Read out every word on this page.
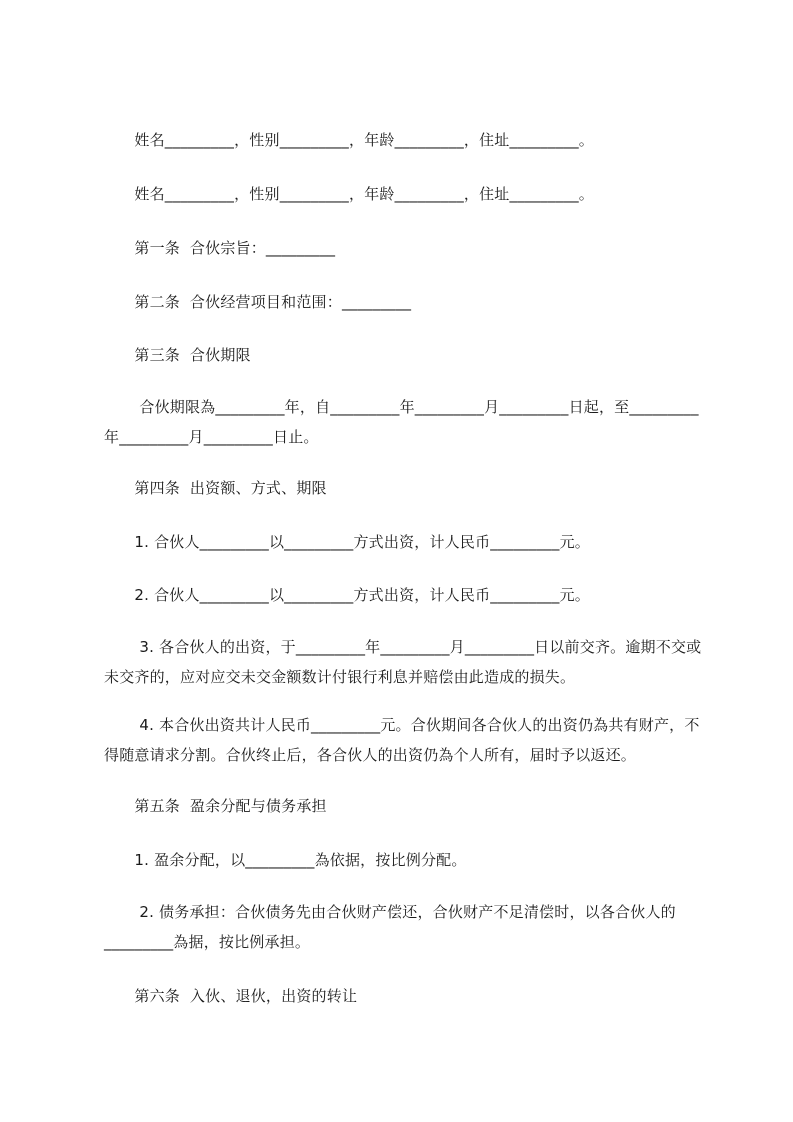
　　姓名_________，性别_________，年龄_________，住址_________。
　　姓名_________，性别_________，年龄_________，住址_________。
　　第一条  合伙宗旨：_________
　　第二条  合伙经营项目和范围：_________
　　第三条  合伙期限
　　 合伙期限為_________年，自_________年_________月_________日起，至_________年_________月_________日止。
　　第四条  出资额、方式、期限
　　1. 合伙人_________以_________方式出资，计人民币_________元。
　　2. 合伙人_________以_________方式出资，计人民币_________元。
　　 3. 各合伙人的出资，于_________年_________月_________日以前交齐。逾期不交或未交齐的，应对应交未交金额数计付银行利息并赔偿由此造成的损失。
　　 4. 本合伙出资共计人民币_________元。合伙期间各合伙人的出资仍為共有财产，不得随意请求分割。合伙终止后，各合伙人的出资仍為个人所有，届时予以返还。
　　第五条  盈余分配与债务承担
　　1. 盈余分配，以_________為依据，按比例分配。
　　 2. 债务承担：合伙债务先由合伙财产偿还，合伙财产不足清偿时，以各合伙人的_________為据，按比例承担。
　　第六条  入伙、退伙，出资的转让
